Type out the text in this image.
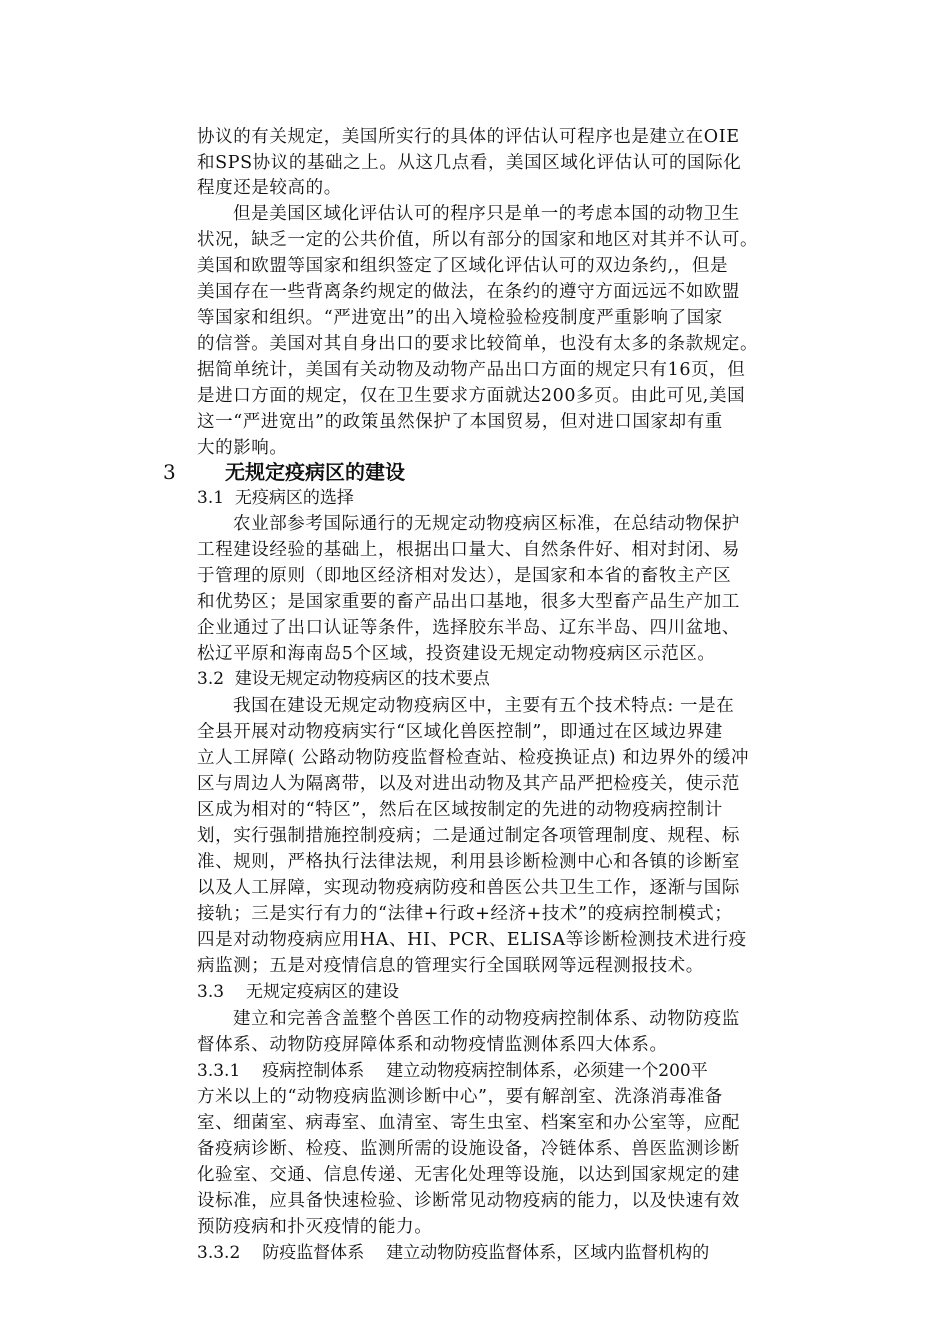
协议的有关规定，美国所实行的具体的评估认可程序也是建立在OIE
和SPS协议的基础之上。从这几点看，美国区域化评估认可的国际化
程度还是较高的。
但是美国区域化评估认可的程序只是单一的考虑本国的动物卫生
状况，缺乏一定的公共价值，所以有部分的国家和地区对其并不认可。
美国和欧盟等国家和组织签定了区域化评估认可的双边条约,，但是
美国存在一些背离条约规定的做法，在条约的遵守方面远远不如欧盟
等国家和组织。“严进宽出”的出入境检验检疫制度严重影响了国家
的信誉。美国对其自身出口的要求比较简单，也没有太多的条款规定。
据简单统计，美国有关动物及动物产品出口方面的规定只有16页，但
是进口方面的规定，仅在卫生要求方面就达200多页。由此可见,美国
这一“严进宽出”的政策虽然保护了本国贸易，但对进口国家却有重
大的影响。
3 无规定疫病区的建设
3.1 无疫病区的选择
农业部参考国际通行的无规定动物疫病区标准，在总结动物保护
工程建设经验的基础上，根据出口量大、自然条件好、相对封闭、易
于管理的原则（即地区经济相对发达），是国家和本省的畜牧主产区
和优势区；是国家重要的畜产品出口基地，很多大型畜产品生产加工
企业通过了出口认证等条件，选择胶东半岛、辽东半岛、四川盆地、
松辽平原和海南岛5个区域，投资建设无规定动物疫病区示范区。
3.2 建设无规定动物疫病区的技术要点
我国在建设无规定动物疫病区中，主要有五个技术特点: 一是在
全县开展对动物疫病实行“区域化兽医控制”，即通过在区域边界建
立人工屏障( 公路动物防疫监督检查站、检疫换证点) 和边界外的缓冲
区与周边人为隔离带，以及对进出动物及其产品严把检疫关，使示范
区成为相对的“特区”，然后在区域按制定的先进的动物疫病控制计
划，实行强制措施控制疫病；二是通过制定各项管理制度、规程、标
准、规则，严格执行法律法规，利用县诊断检测中心和各镇的诊断室
以及人工屏障，实现动物疫病防疫和兽医公共卫生工作，逐渐与国际
接轨；三是实行有力的“法律+行政+经济+技术”的疫病控制模式；
四是对动物疫病应用HA、HI、PCR、ELISA等诊断检测技术进行疫
病监测；五是对疫情信息的管理实行全国联网等远程测报技术。
3.3 无规定疫病区的建设
建立和完善含盖整个兽医工作的动物疫病控制体系、动物防疫监
督体系、动物防疫屏障体系和动物疫情监测体系四大体系。
3.3.1 疫病控制体系 建立动物疫病控制体系，必须建一个200平
方米以上的“动物疫病监测诊断中心”，要有解剖室、洗涤消毒准备
室、细菌室、病毒室、血清室、寄生虫室、档案室和办公室等，应配
备疫病诊断、检疫、监测所需的设施设备，冷链体系、兽医监测诊断
化验室、交通、信息传递、无害化处理等设施，以达到国家规定的建
设标准，应具备快速检验、诊断常见动物疫病的能力，以及快速有效
预防疫病和扑灭疫情的能力。
3.3.2 防疫监督体系 建立动物防疫监督体系，区域内监督机构的
